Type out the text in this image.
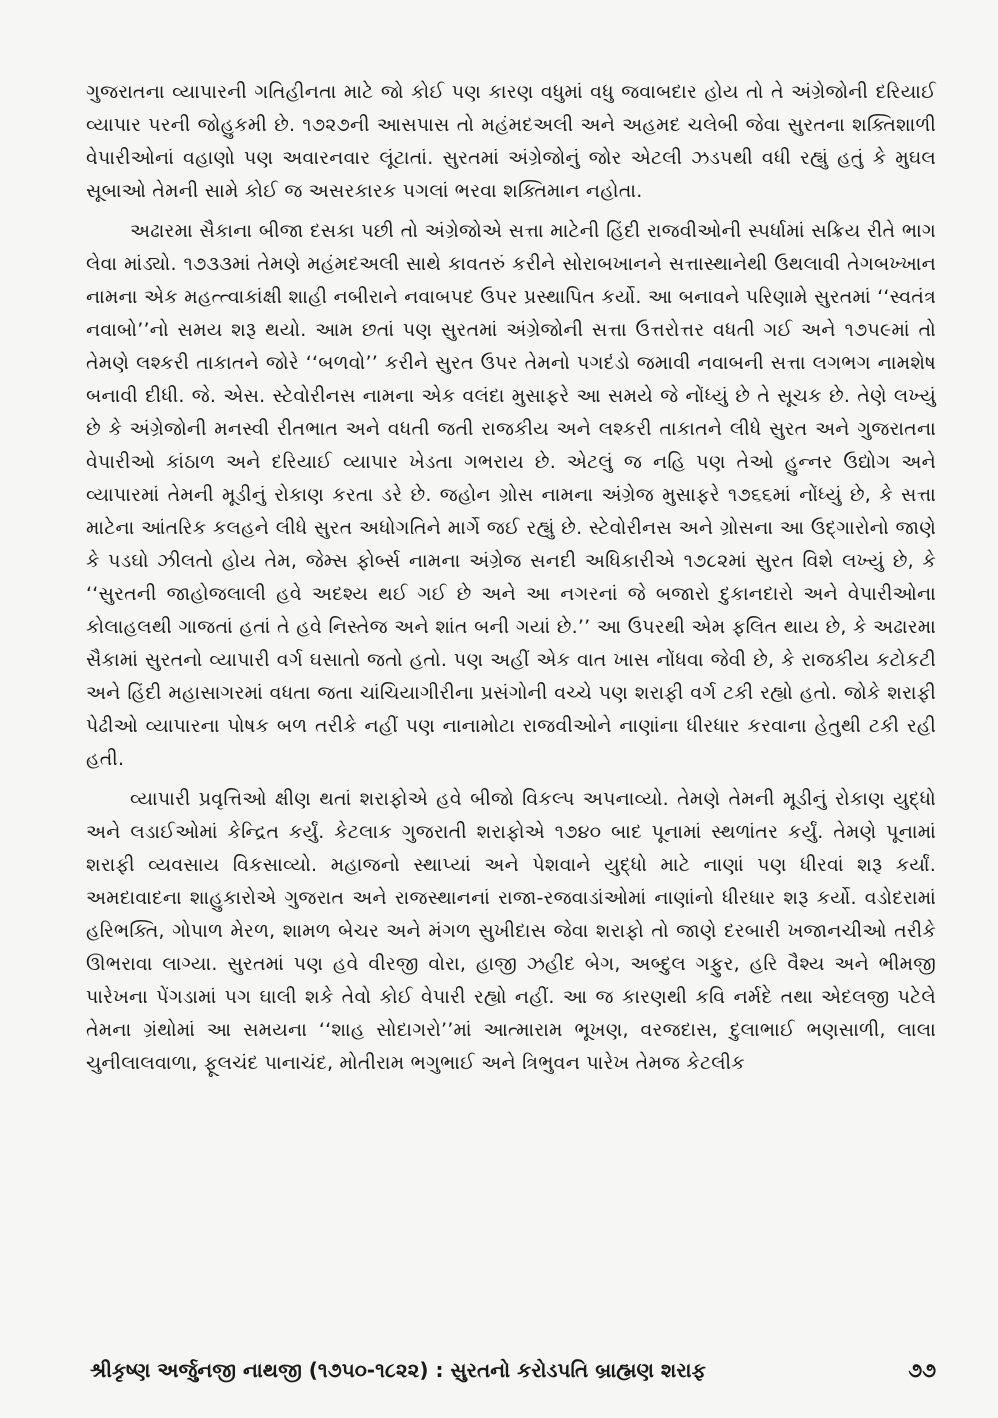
ગુજરાતના વ્યાપારની ગતિહીનતા માટે જો કોઈ પણ કારણ વધુમાં વધુ જવાબદાર હોય તો તે અંગ્રેજોની દરિયાઈ વ્યાપાર પરની જોહુકમી છે. ૧૭૨૭ની આસપાસ તો મહંમદઅલી અને અહમદ ચલેબી જેવા સુરતના શક્તિશાળી વેપારીઓનાં વહાણો પણ અવારનવાર લૂંટાતાં. સુરતમાં અંગ્રેજોનું જોર એટલી ઝડપથી વધી રહ્યું હતું કે મુઘલ સૂબાઓ તેમની સામે કોઈ જ અસરકારક પગલાં ભરવા શક્તિમાન નહોતા.

અઢારમા સૈકાના બીજા દસકા પછી તો અંગ્રેજોએ સત્તા માટેની હિંદી રાજવીઓની સ્પર્ધામાં સક્રિય રીતે ભાગ લેવા માંડ્યો. ૧૭૩૩માં તેમણે મહંમદઅલી સાથે કાવતરું કરીને સોરાબખાનને સત્તાસ્થાનેથી ઉથલાવી તેગબખ્ખાન નામના એક મહત્ત્વાકાંક્ષી શાહી નબીરાને નવાબપદ ઉપર પ્રસ્થાપિત કર્યો. આ બનાવને પરિણામે સુરતમાં ‘‘સ્વતંત્ર નવાબો’’નો સમય શરૂ થયો. આમ છતાં પણ સુરતમાં અંગ્રેજોની સત્તા ઉત્તરોત્તર વધતી ગઈ અને ૧૭૫૯માં તો તેમણે લશ્કરી તાકાતને જોરે ‘‘બળવો’’ કરીને સુરત ઉપર તેમનો પગદંડો જમાવી નવાબની સત્તા લગભગ નામશેષ બનાવી દીધી. જે. એસ. સ્ટેવોરીનસ નામના એક વલંદા મુસાફરે આ સમયે જે નોંધ્યું છે તે સૂચક છે. તેણે લખ્યું છે કે અંગ્રેજોની મનસ્વી રીતભાત અને વધતી જતી રાજકીય અને લશ્કરી તાકાતને લીધે સુરત અને ગુજરાતના વેપારીઓ કાંઠાળ અને દરિયાઈ વ્યાપાર ખેડતા ગભરાય છે. એટલું જ નહિ પણ તેઓ હુન્નર ઉદ્યોગ અને વ્યાપારમાં તેમની મૂડીનું રોકાણ કરતા ડરે છે. જહોન ગ્રોસ નામના અંગ્રેજ મુસાફરે ૧૭૬૬માં નોંધ્યું છે, કે સત્તા માટેના આંતરિક કલહને લીધે સુરત અધોગતિને માર્ગે જઈ રહ્યું છે. સ્ટેવોરીનસ અને ગ્રોસના આ ઉદ્ગારોનો જાણે કે પડઘો ઝીલતો હોય તેમ, જેમ્સ ફોર્બ્સ નામના અંગ્રેજ સનદી અધિકારીએ ૧૭૮૨માં સુરત વિશે લખ્યું છે, કે ‘‘સુરતની જાહોજલાલી હવે અદશ્ય થઈ ગઈ છે અને આ નગરનાં જે બજારો દુકાનદારો અને વેપારીઓના કોલાહલથી ગાજતાં હતાં તે હવે નિસ્તેજ અને શાંત બની ગયાં છે.’’ આ ઉપરથી એમ ફલિત થાય છે, કે અઢારમા સૈકામાં સુરતનો વ્યાપારી વર્ગ ઘસાતો જતો હતો. પણ અહીં એક વાત ખાસ નોંધવા જેવી છે, કે રાજકીય કટોકટી અને હિંદી મહાસાગરમાં વધતા જતા ચાંચિયાગીરીના પ્રસંગોની વચ્ચે પણ શરાફી વર્ગ ટકી રહ્યો હતો. જોકે શરાફી પેઢીઓ વ્યાપારના પોષક બળ તરીકે નહીં પણ નાનામોટા રાજવીઓને નાણાંના ધીરધાર કરવાના હેતુથી ટકી રહી હતી.

વ્યાપારી પ્રવૃત્તિઓ ક્ષીણ થતાં શરાફોએ હવે બીજો વિકલ્પ અપનાવ્યો. તેમણે તેમની મૂડીનું રોકાણ યુદ્ધો અને લડાઈઓમાં કેન્દ્રિત કર્યું. કેટલાક ગુજરાતી શરાફોએ ૧૭૪૦ બાદ પૂનામાં સ્થળાંતર કર્યું. તેમણે પૂનામાં શરાફી વ્યવસાય વિકસાવ્યો. મહાજનો સ્થાપ્યાં અને પેશવાને યુદ્ધો માટે નાણાં પણ ધીરવાં શરૂ કર્યાં. અમદાવાદના શાહુકારોએ ગુજરાત અને રાજસ્થાનનાં રાજા-રજવાડાંઓમાં નાણાંનો ધીરધાર શરૂ કર્યો. વડોદરામાં હરિભક્તિ, ગોપાળ મેરળ, શામળ બેચર અને મંગળ સુખીદાસ જેવા શરાફો તો જાણે દરબારી ખજાનચીઓ તરીકે ઊભરાવા લાગ્યા. સુરતમાં પણ હવે વીરજી વોરા, હાજી ઝહીદ બેગ, અબ્દુલ ગફુર, હરિ વૈશ્ય અને ભીમજી પારેખના પેંગડામાં પગ ઘાલી શકે તેવો કોઈ વેપારી રહ્યો નહીં. આ જ કારણથી કવિ નર્મદે તથા એદલજી પટેલે તેમના ગ્રંથોમાં આ સમયના ‘‘શાહ સોદાગરો’’માં આત્મારામ ભૂખણ, વરજદાસ, દુલાભાઈ ભણસાળી, લાલા ચુનીલાલવાળા, ફૂલચંદ પાનાચંદ, મોતીરામ ભગુભાઈ અને ત્રિભુવન પારેખ તેમજ કેટલીક

શ્રીકૃષ્ણ અર્જુનજી નાથજી (૧૭૫૦-૧૮૨૨) : સુરતનો કરોડપતિ બ્રાહ્મણ શરાફ	૭૭
